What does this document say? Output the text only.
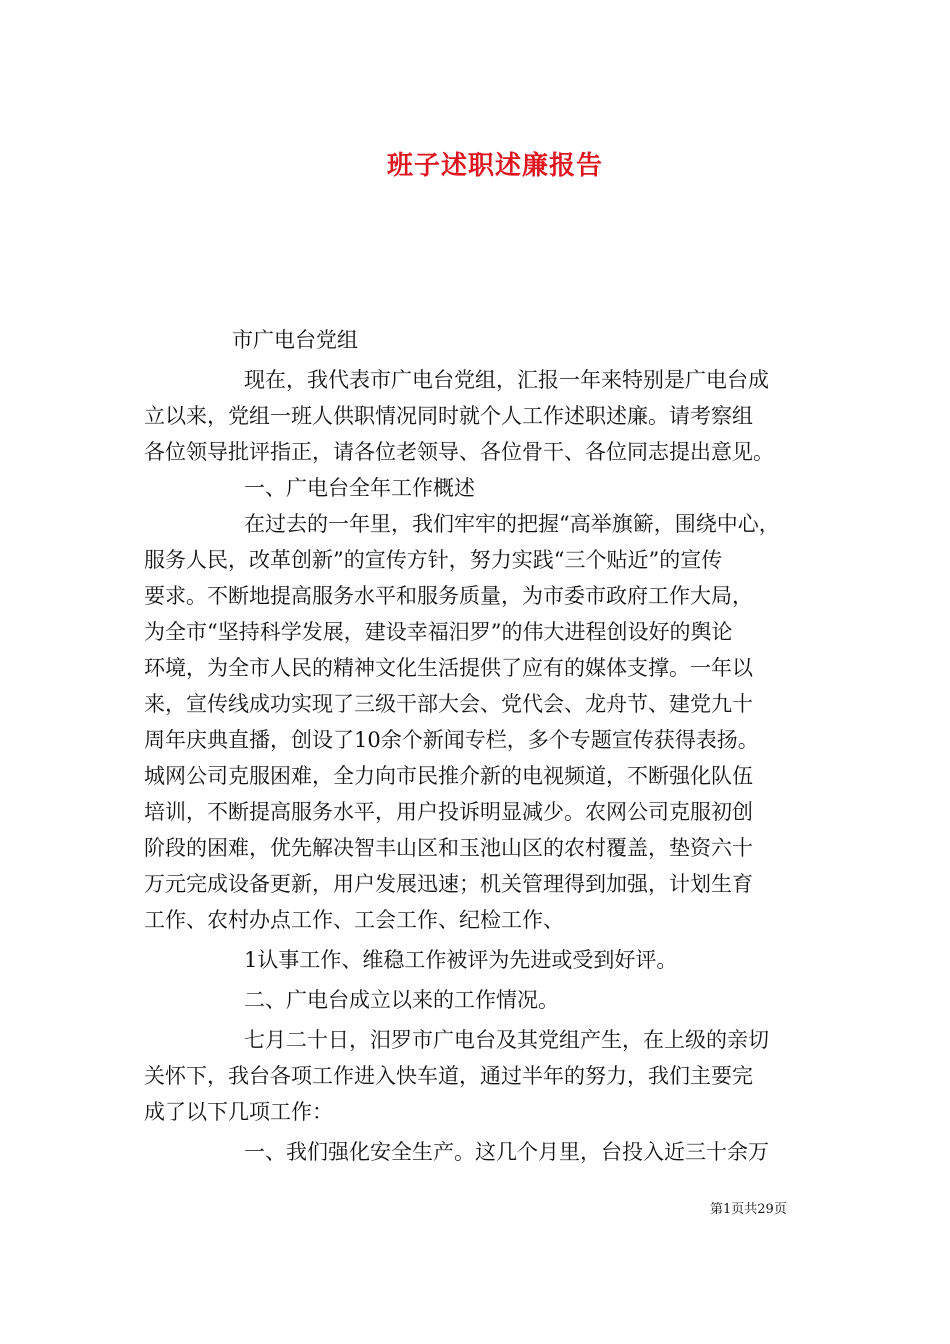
班子述职述廉报告
市广电台党组
现在，我代表市广电台党组，汇报一年来特别是广电台成
立以来，党组一班人供职情况同时就个人工作述职述廉。请考察组
各位领导批评指正，请各位老领导、各位骨干、各位同志提出意见。
一、广电台全年工作概述
在过去的一年里，我们牢牢的把握“高举旗簖，围绕中心，
服务人民，改革创新”的宣传方针，努力实践“三个贴近”的宣传
要求。不断地提高服务水平和服务质量，为市委市政府工作大局，
为全市“坚持科学发展，建设幸福汨罗”的伟大进程创设好的舆论
环境，为全市人民的精神文化生活提供了应有的媒体支撑。一年以
来，宣传线成功实现了三级干部大会、党代会、龙舟节、建党九十
周年庆典直播，创设了10余个新闻专栏，多个专题宣传获得表扬。
城网公司克服困难，全力向市民推介新的电视频道，不断强化队伍
培训，不断提高服务水平，用户投诉明显减少。农网公司克服初创
阶段的困难，优先解决智丰山区和玉池山区的农村覆盖，垫资六十
万元完成设备更新，用户发展迅速；机关管理得到加强，计划生育
工作、农村办点工作、工会工作、纪检工作、
1认事工作、维稳工作被评为先进或受到好评。
二、广电台成立以来的工作情况。
七月二十日，汨罗市广电台及其党组产生，在上级的亲切
关怀下，我台各项工作进入快车道，通过半年的努力，我们主要完
成了以下几项工作：
一、我们强化安全生产。这几个月里，台投入近三十余万
第1页共29页
